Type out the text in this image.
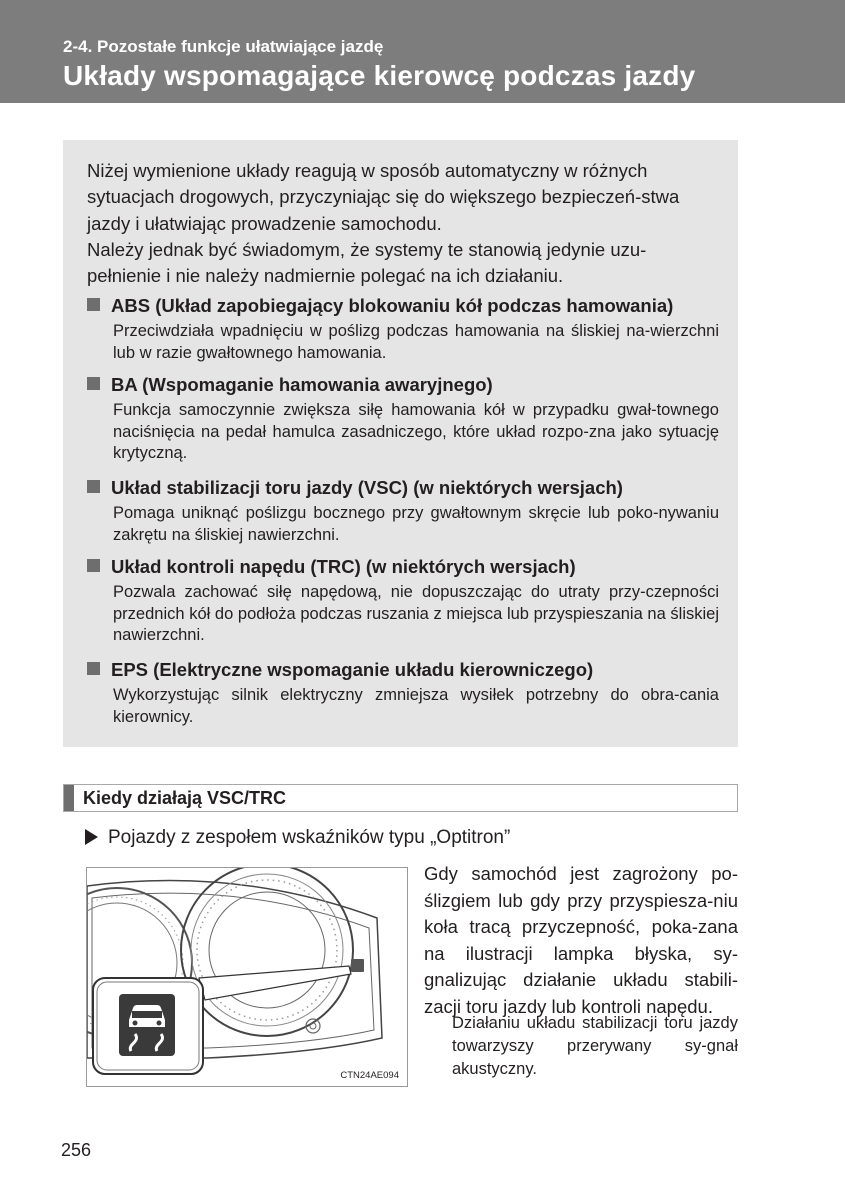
2-4. Pozostałe funkcje ułatwiające jazdę
Układy wspomagające kierowcę podczas jazdy

Niżej wymienione układy reagują w sposób automatyczny w różnych sytuacjach drogowych, przyczyniając się do większego bezpieczeń-stwa jazdy i ułatwiając prowadzenie samochodu.

Należy jednak być świadomym, że systemy te stanowią jedynie uzu-pełnienie i nie należy nadmiernie polegać na ich działaniu.

ABS (Układ zapobiegający blokowaniu kół podczas hamowania)
Przeciwdziała wpadnięciu w poślizg podczas hamowania na śliskiej na-wierzchni lub w razie gwałtownego hamowania.
BA (Wspomaganie hamowania awaryjnego)
Funkcja samoczynnie zwiększa siłę hamowania kół w przypadku gwał-townego naciśnięcia na pedał hamulca zasadniczego, które układ rozpo-zna jako sytuację krytyczną.
Układ stabilizacji toru jazdy (VSC) (w niektórych wersjach)
Pomaga uniknąć poślizgu bocznego przy gwałtownym skręcie lub poko-nywaniu zakrętu na śliskiej nawierzchni.
Układ kontroli napędu (TRC) (w niektórych wersjach)
Pozwala zachować siłę napędową, nie dopuszczając do utraty przy-czepności przednich kół do podłoża podczas ruszania z miejsca lub przyspieszania na śliskiej nawierzchni.
EPS (Elektryczne wspomaganie układu kierowniczego)
Wykorzystując silnik elektryczny zmniejsza wysiłek potrzebny do obra-cania kierownicy.
Kiedy działają VSC/TRC
Pojazdy z zespołem wskaźników typu „Optitron”
CTN24AE094

Gdy samochód jest zagrożony po-ślizgiem lub gdy przy przyspiesza-niu koła tracą przyczepność, poka-zana na ilustracji lampka błyska, sy-gnalizując działanie układu stabili-zacji toru jazdy lub kontroli napędu.

Działaniu układu stabilizacji toru jazdy towarzyszy przerywany sy-gnał akustyczny.
256
